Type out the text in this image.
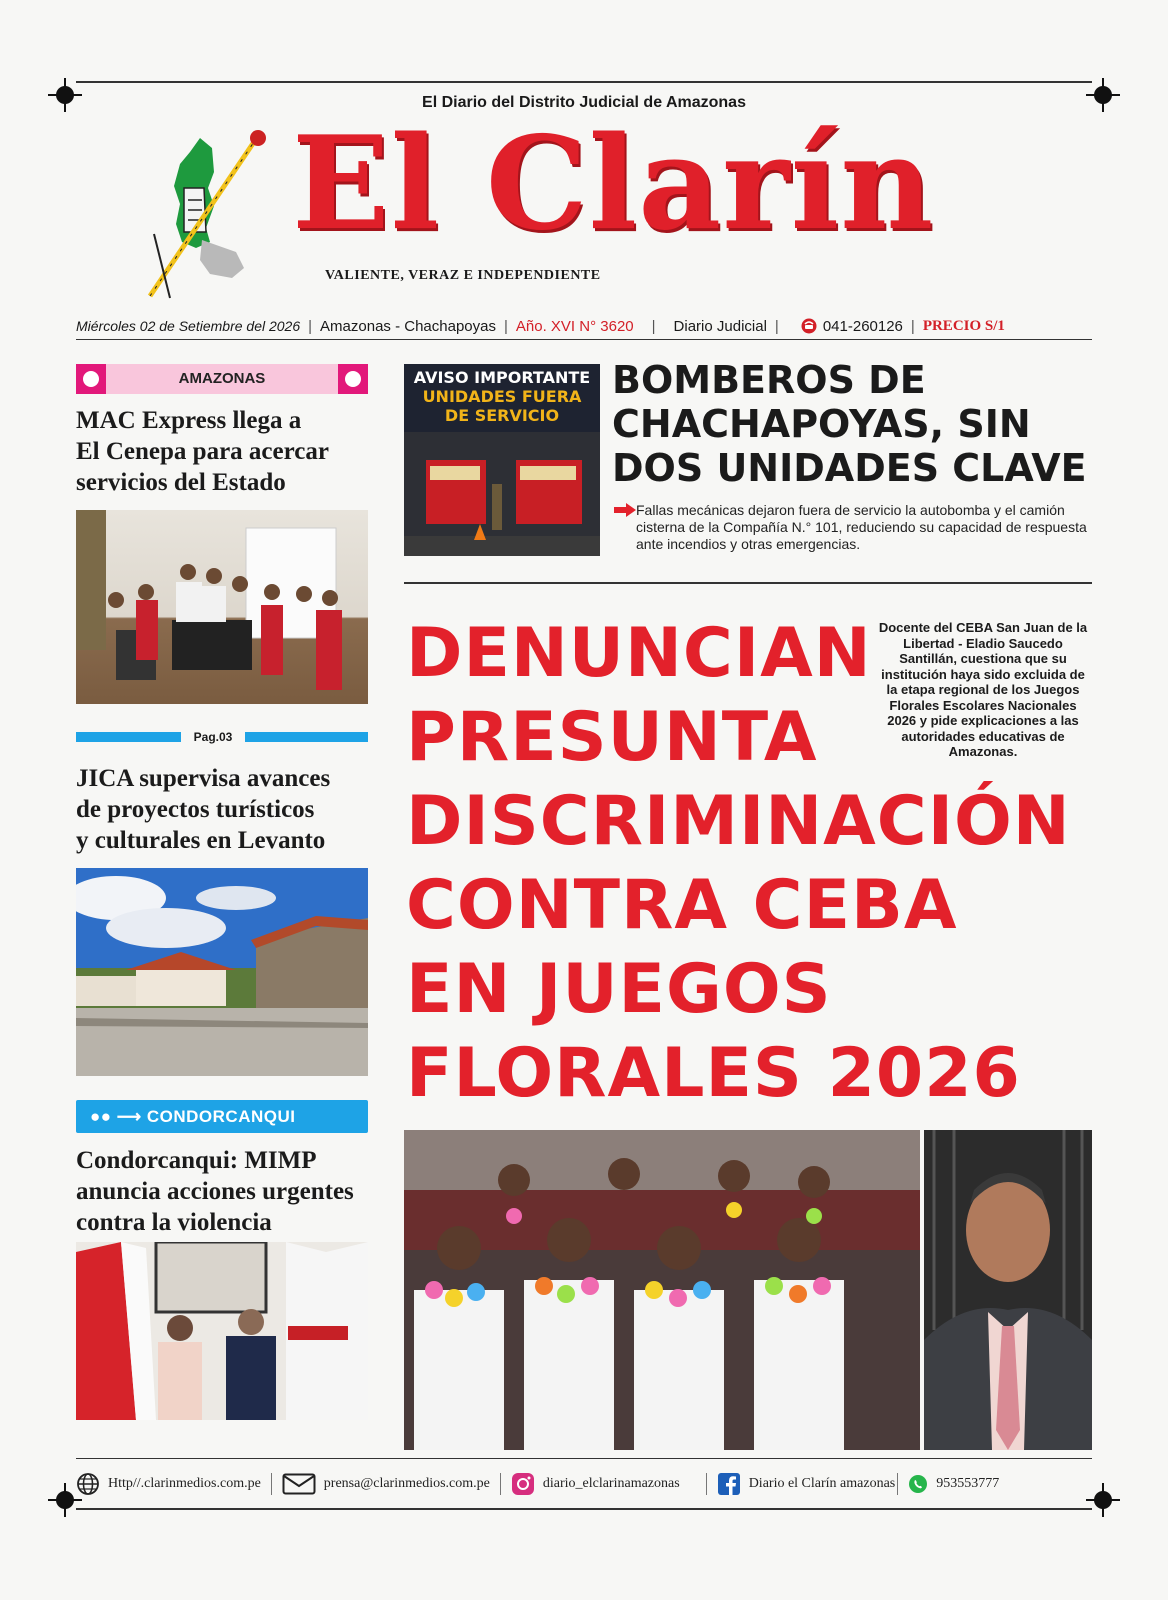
El Diario del Distrito Judicial de Amazonas
El Clarín
VALIENTE, VERAZ E INDEPENDIENTE
Miércoles 02 de Setiembre del 2026 | Amazonas - Chachapoyas | Año. XVI N° 3620 | Diario Judicial |	041-260126 | PRECIO S/1
AMAZONAS
MAC Express llega a
El Cenepa para acercar
servicios del Estado
Pag.03
JICA supervisa avances
de proyectos turísticos
y culturales en Levanto
●● ⟶ CONDORCANQUI
Condorcanqui: MIMP
anuncia acciones urgentes
contra la violencia
AVISO IMPORTANTE
UNIDADES FUERA
DE SERVICIO
BOMBEROS DE
CHACHAPOYAS, SIN
DOS UNIDADES CLAVE
Fallas mecánicas dejaron fuera de servicio la autobomba y el camión cisterna de la Compañía N.° 101, reduciendo su capacidad de respuesta ante incendios y otras emergencias.
DENUNCIAN
PRESUNTA
DISCRIMINACIÓN
CONTRA CEBA
EN JUEGOS
FLORALES 2026
Docente del CEBA San Juan de la Libertad - Eladio Saucedo Santillán, cuestiona que su institución haya sido excluida de la etapa regional de los Juegos Florales Escolares Nacionales 2026 y pide explicaciones a las autoridades educativas de Amazonas.
Http//.clarinmedios.com.pe	prensa@clarinmedios.com.pe	diario_elclarinamazonas	Diario el Clarín amazonas	953553777
